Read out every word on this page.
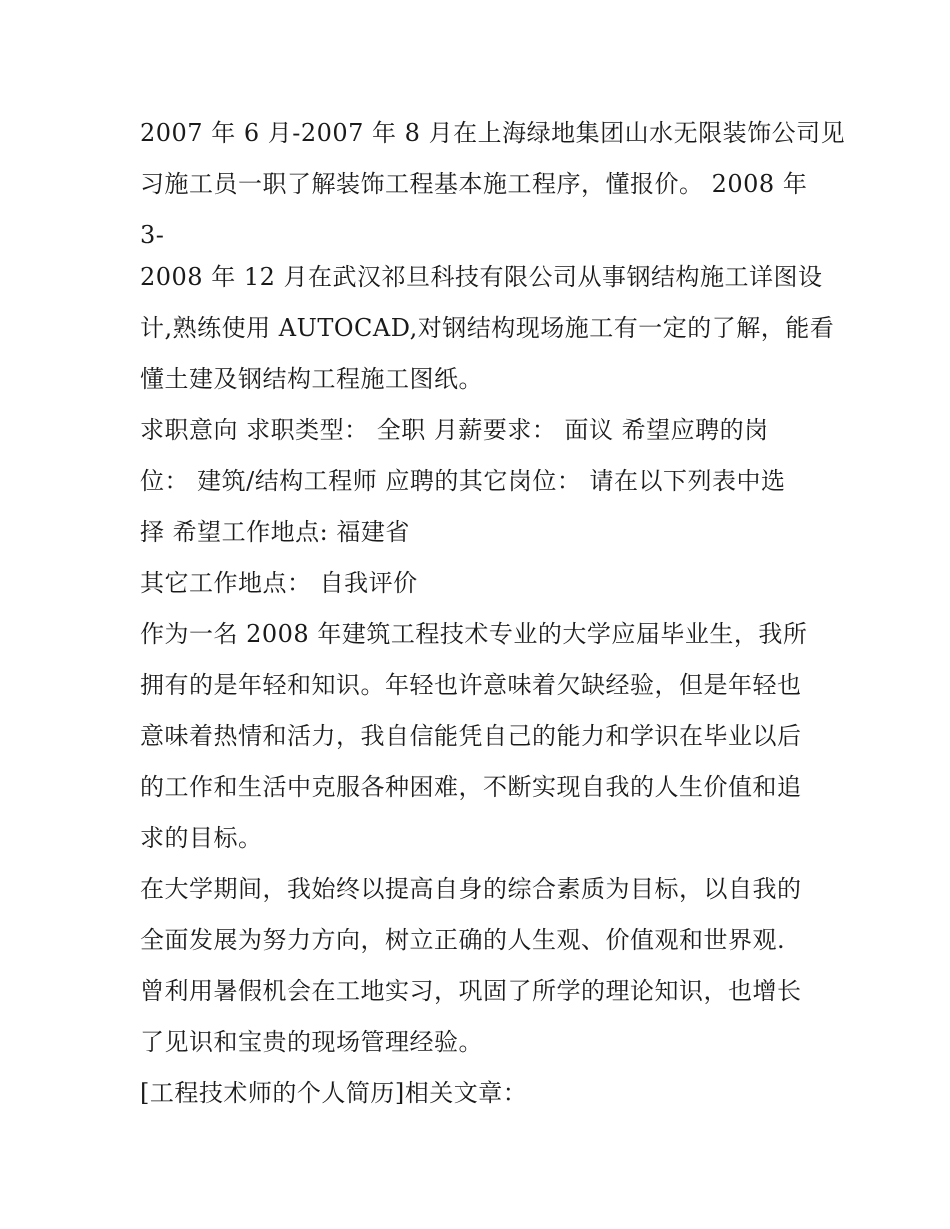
2007 年 6 月-2007 年 8 月在上海绿地集团山水无限装饰公司见
习施工员一职了解装饰工程基本施工程序，懂报价。 2008 年
3-
2008 年 12 月在武汉祁旦科技有限公司从事钢结构施工详图设
计,熟练使用 AUTOCAD,对钢结构现场施工有一定的了解，能看
懂土建及钢结构工程施工图纸。
求职意向 求职类型： 全职 月薪要求： 面议 希望应聘的岗
位： 建筑/结构工程师 应聘的其它岗位： 请在以下列表中选
择 希望工作地点: 福建省
其它工作地点： 自我评价
作为一名 2008 年建筑工程技术专业的大学应届毕业生，我所
拥有的是年轻和知识。年轻也许意味着欠缺经验，但是年轻也
意味着热情和活力，我自信能凭自己的能力和学识在毕业以后
的工作和生活中克服各种困难，不断实现自我的人生价值和追
求的目标。
在大学期间，我始终以提高自身的综合素质为目标，以自我的
全面发展为努力方向，树立正确的人生观、价值观和世界观.
曾利用暑假机会在工地实习，巩固了所学的理论知识，也增长
了见识和宝贵的现场管理经验。
[工程技术师的个人简历]相关文章：
